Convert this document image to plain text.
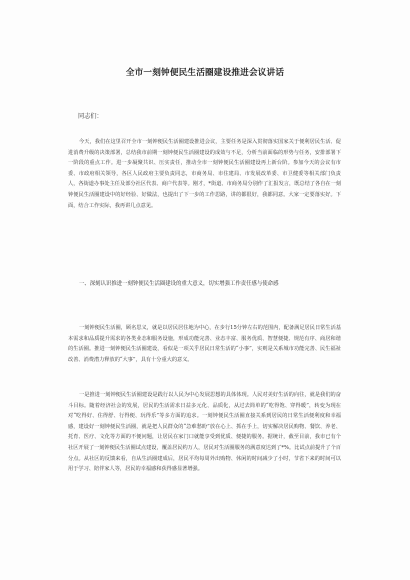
全市一刻钟便民生活圈建设推进会议讲话
同志们：

今天，我们在这里召开全市一刻钟便民生活圈建设推进会议，主要任务是深入贯彻落实国家关于便利居民生活、促进消费升级的决策部署，总结我市前期一刻钟便民生活圈建设的成效与不足，分析当前面临的形势与任务，安排部署下一阶段的重点工作。进一步凝聚共识、压实责任，推动全市一刻钟便民生活圈建设再上新台阶。参加今天的会议有市委、市政府相关领导，各区人民政府主要负责同志，市商务局、市住建局、市发展改革委、市卫健委等相关部门负责人，各街道办事处主任及部分社区代表、商户代表等。刚才，*街道、市商务局分别作了汇报发言，既总结了各自在一刻钟便民生活圈建设中的好经验、好做法，也提出了下一步的工作思路，讲的都很好，我都同意。大家一定要落实好。下面，结合工作实际，我再讲几点意见。

一、深刻认识推进一刻钟便民生活圈建设的重大意义，切实增强工作责任感与使命感

一刻钟便民生活圈，顾名思义，就是以居民居住地为中心，在步行15分钟左右的范围内，配备满足居民日常生活基本需求和品质提升需求的各类业态和服务设施，形成功能完善、业态丰富、服务优质、智慧便捷、规范有序、商居和谐的生活圈。推进一刻钟便民生活圈建设，看似是一项关乎居民日常生活的“小事”，实则是关系城市功能完善、民生福祉改善、消费潜力释放的“大事”，具有十分重大的意义。

一是推进一刻钟便民生活圈建设是践行以人民为中心发展思想的具体体现。人民对美好生活的向往，就是我们的奋斗目标。随着经济社会的发展，居民的生活需求日益多元化、品质化，从过去简单的“吃得饱、穿得暖”，转变为现在对“吃得好、住得舒、行得便、玩得乐”等多方面的追求。一刻钟便民生活圈直接关系到居民的日常生活便利度和幸福感，建设好一刻钟便民生活圈，就是把人民群众的“急难愁盼”放在心上、抓在手上，切实解决居民购物、餐饮、养老、托育、医疗、文化等方面的不便问题，让居民在家门口就能享受到优质、便捷的服务。据统计，截至目前，我市已有个社区开展了一刻钟便民生活圈试点建设，覆盖居民约万人，居民对生活圈服务的满意度达到了*%。比试点前提升了个百分点。从社区的反馈来看，自从生活圈建成后，居民平均每周外出购物、休闲的时间减少了小时，节省下来的时间可以用于学习、陪伴家人等，居民的幸福感和获得感显著增强。
